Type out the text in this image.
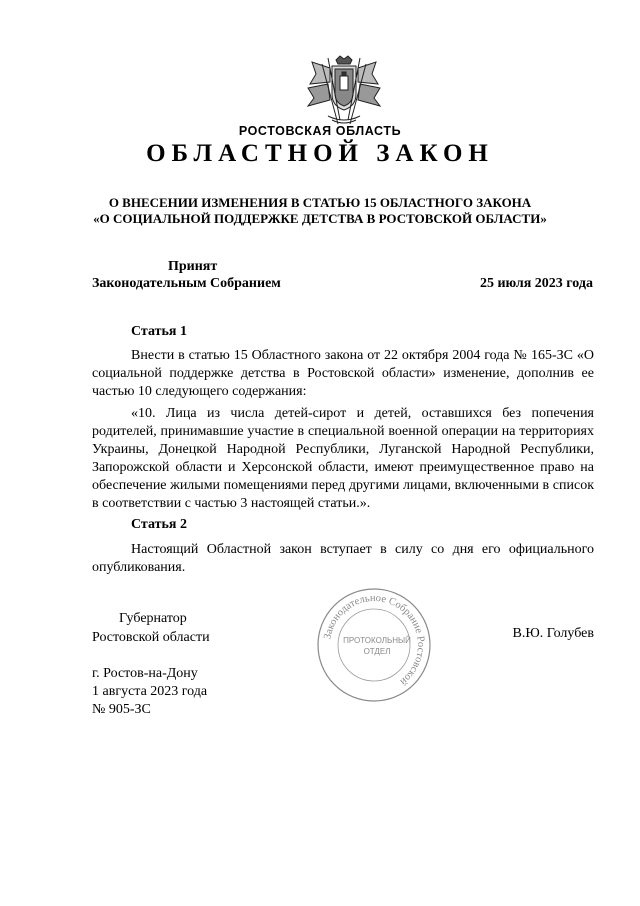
РОСТОВСКАЯ ОБЛАСТЬ
ОБЛАСТНОЙ ЗАКОН
О ВНЕСЕНИИ ИЗМЕНЕНИЯ В СТАТЬЮ 15 ОБЛАСТНОГО ЗАКОНА
«О СОЦИАЛЬНОЙ ПОДДЕРЖКЕ ДЕТСТВА В РОСТОВСКОЙ ОБЛАСТИ»
Принят
Законодательным Собранием	25 июля 2023 года
Статья 1
Внести в статью 15 Областного закона от 22 октября 2004 года № 165-ЗС «О социальной поддержке детства в Ростовской области» изменение, дополнив ее частью 10 следующего содержания:
«10. Лица из числа детей-сирот и детей, оставшихся без попечения родителей, принимавшие участие в специальной военной операции на территориях Украины, Донецкой Народной Республики, Луганской Народной Республики, Запорожской области и Херсонской области, имеют преимущественное право на обеспечение жилыми помещениями перед другими лицами, включенными в список в соответствии с частью 3 настоящей статьи.».
Статья 2
Настоящий Областной закон вступает в силу со дня его официального опубликования.
Губернатор
Ростовской области	В.Ю. Голубев
г. Ростов-на-Дону
1 августа 2023 года
№ 905-ЗС
Законодательное Собрание Ростовской
ПРОТОКОЛЬНЫЙ
ОТДЕЛ
